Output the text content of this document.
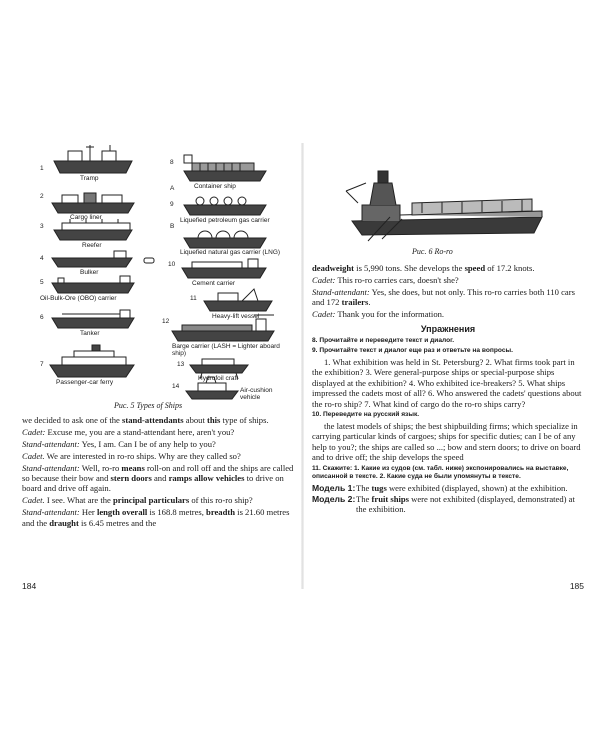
1
2
3
4
5
6
7
8
9
A
B
10
11
12
13
14
Tramp
Cargo liner
Reefer
Bulker
Oil-Bulk-Ore (OBO) carrier
Tanker
Passenger-car ferry
Container ship
Liquefied petroleum gas carrier
Liquefied natural gas carrier (LNG)
Cement carrier
Heavy-lift vessel
Barge carrier (LASH = Lighter aboard ship)
Hydrofoil craft
Air-cushion vehicle
Рис. 5 Types of Ships

we decided to ask one of the stand-attendants about this type of ships.

Cadet: Excuse me, you are a stand-attendant here, aren't you?

Stand-attendant: Yes, I am. Can I be of any help to you?

Cadet. We are interested in ro-ro ships. Why are they called so?

Stand-attendant: Well, ro-ro means roll-on and roll off and the ships are called so because their bow and stern doors and ramps allow vehicles to drive on board and drive off again.

Cadet. I see. What are the principal particulars of this ro-ro ship?

Stand-attendant: Her length overall is 168.8 metres, breadth is 21.60 metres and the draught is 6.45 metres and the

184
Рис. 6 Ro-ro

deadweight is 5,990 tons. She develops the speed of 17.2 knots.

Cadet: This ro-ro carries cars, doesn't she?

Stand-attendant: Yes, she does, but not only. This ro-ro carries both 110 cars and 172 trailers.

Cadet: Thank you for the information.

Упражнения
8. Прочитайте и переведите текст и диалог.
9. Прочитайте текст и диалог еще раз и ответьте на вопросы.

1. What exhibition was held in St. Petersburg? 2. What firms took part in the exhibition? 3. Were general-purpose ships or special-purpose ships displayed at the exhibition? 4. Who exhibited ice-breakers? 5. What ships impressed the cadets most of all? 6. Who answered the cadets' questions about the ro-ro ship? 7. What kind of cargo do the ro-ro ships carry?

10. Переведите на русский язык.

the latest models of ships; the best shipbuilding firms; which specialize in carrying particular kinds of cargoes; ships for specific duties; can I be of any help to you?; the ships are called so ...; bow and stern doors; to drive on board and to drive off; the ship develops the speed

11. Скажите: 1. Какие из судов (см. табл. ниже) экспонировались на выставке, описанной в тексте. 2. Какие суда не были упомянуты в тексте.
Модель 1: The tugs were exhibited (displayed, shown) at the exhibition.
Модель 2: The fruit ships were not exhibited (displayed, demonstrated) at the exhibition.
185
